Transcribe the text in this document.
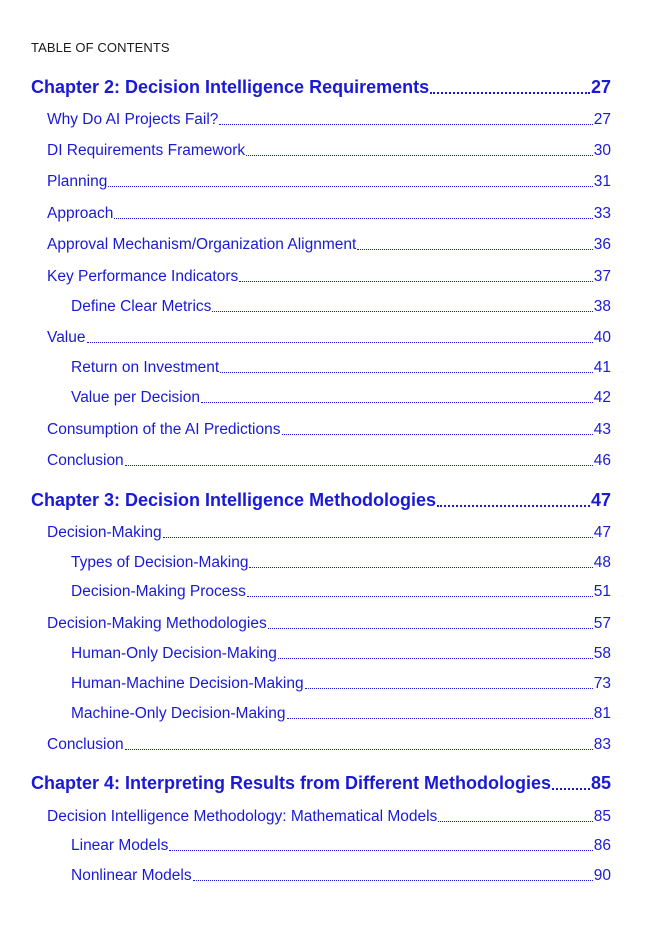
TABLE OF CONTENTS
Chapter 2: Decision Intelligence Requirements	27
Why Do AI Projects Fail?	27
DI Requirements Framework	30
Planning	31
Approach	33
Approval Mechanism/Organization Alignment	36
Key Performance Indicators	37
Define Clear Metrics	38
Value	40
Return on Investment	41
Value per Decision	42
Consumption of the AI Predictions	43
Conclusion	46
Chapter 3: Decision Intelligence Methodologies	47
Decision-Making	47
Types of Decision-Making	48
Decision-Making Process	51
Decision-Making Methodologies	57
Human-Only Decision-Making	58
Human-Machine Decision-Making	73
Machine-Only Decision-Making	81
Conclusion	83
Chapter 4: Interpreting Results from Different Methodologies 85
Decision Intelligence Methodology: Mathematical Models	85
Linear Models	86
Nonlinear Models	90
